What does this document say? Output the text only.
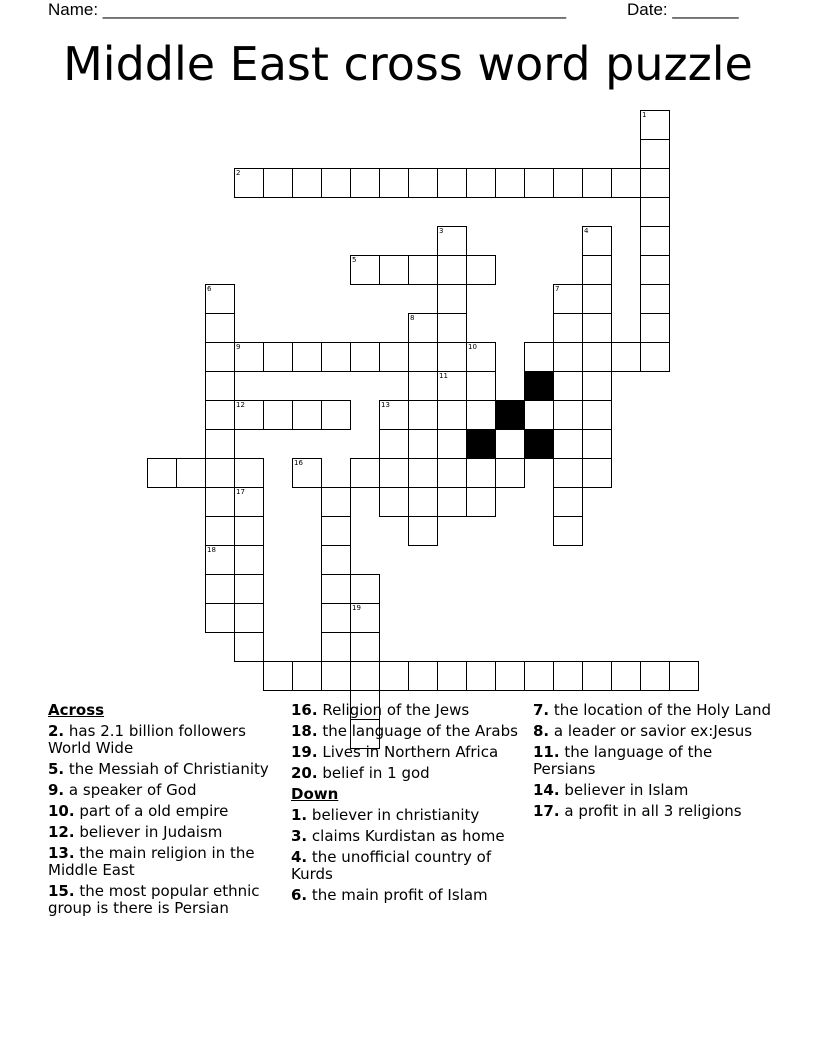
Name: _________________________________________________	Date: _______
Middle East cross word puzzle
1
2
3
11
4
5
6	7
8
9	10
12	13
16
17
18
19
Across
2. has 2.1 billion followers World Wide
5. the Messiah of Christianity
9. a speaker of God
10. part of a old empire
12. believer in Judaism
13. the main religion in the Middle East
15. the most popular ethnic group is there is Persian
16. Religion of the Jews
18. the language of the Arabs
19. Lives in Northern Africa
20. belief in 1 god
Down
1. believer in christianity
3. claims Kurdistan as home
4. the unofficial country of Kurds
6. the main profit of Islam
7. the location of the Holy Land
8. a leader or savior ex:Jesus
11. the language of the Persians
14. believer in Islam
17. a profit in all 3 religions
